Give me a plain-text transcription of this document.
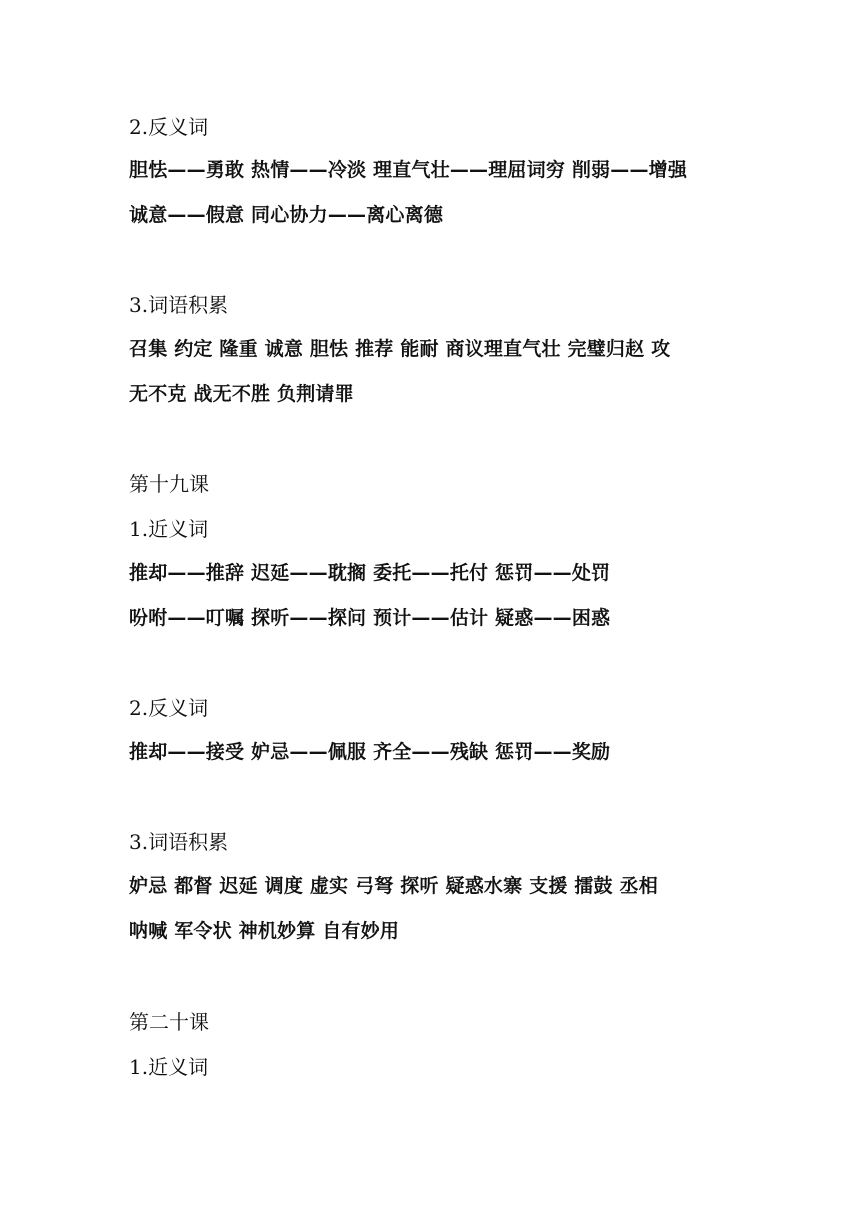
2.反义词
胆怯——勇敢 热情——冷淡 理直气壮——理屈词穷 削弱——增强
诚意——假意 同心协力——离心离德
3.词语积累
召集 约定 隆重 诚意 胆怯 推荐 能耐 商议理直气壮 完璧归赵 攻
无不克 战无不胜 负荆请罪
第十九课
1.近义词
推却——推辞 迟延——耽搁 委托——托付 惩罚——处罚
吩咐——叮嘱 探听——探问 预计——估计 疑惑——困惑
2.反义词
推却——接受 妒忌——佩服 齐全——残缺 惩罚——奖励
3.词语积累
妒忌 都督 迟延 调度 虚实 弓弩 探听 疑惑水寨 支援 擂鼓 丞相
呐喊 军令状 神机妙算 自有妙用
第二十课
1.近义词
